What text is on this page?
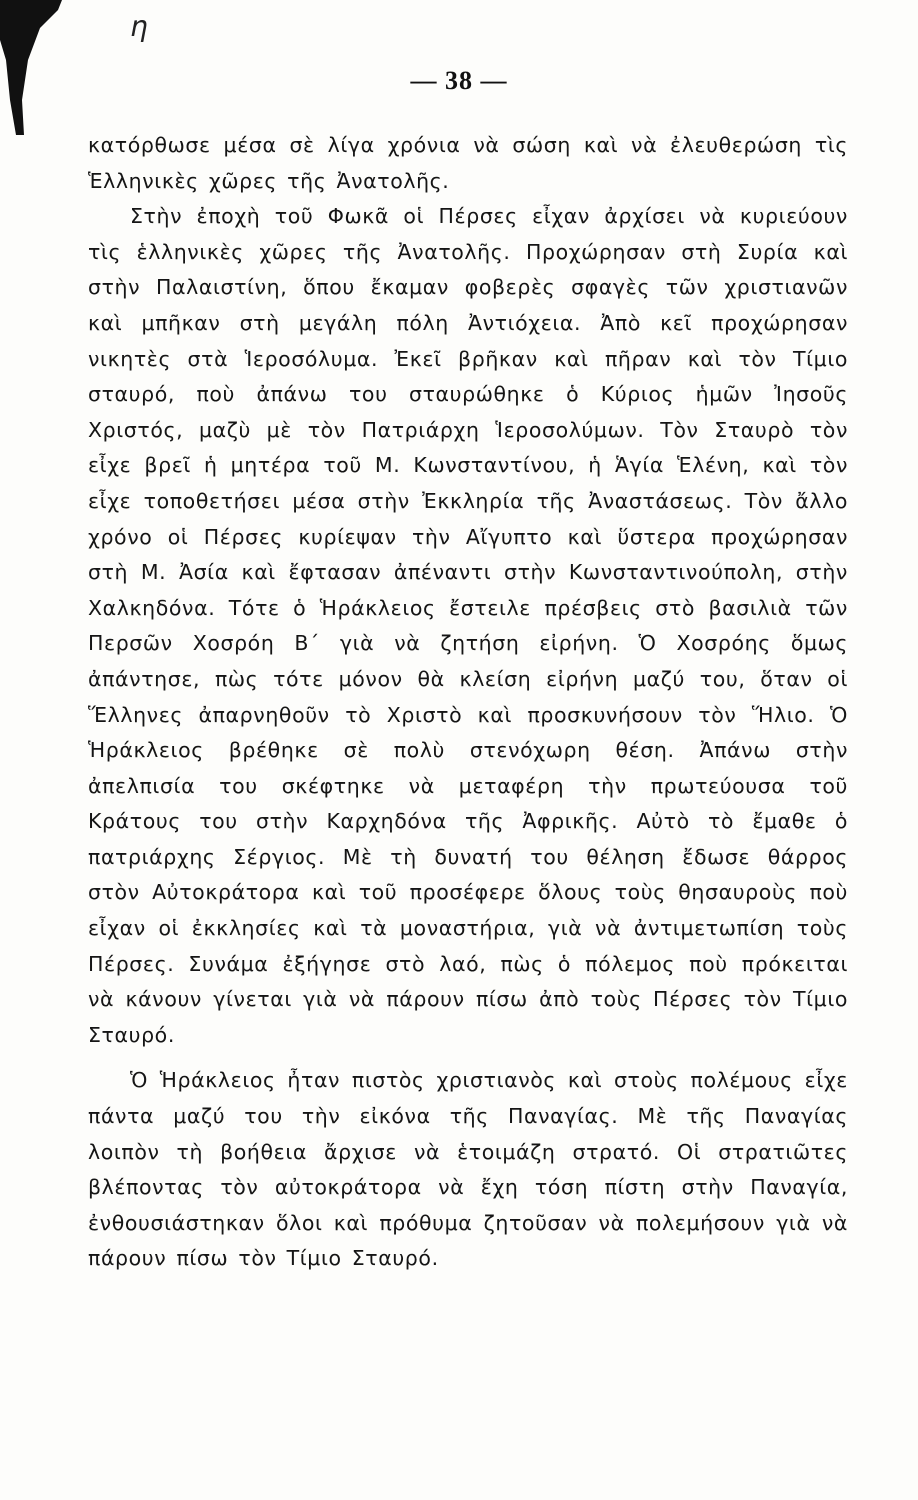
η
— 38 —

κατόρθωσε μέσα σὲ λίγα χρόνια νὰ σώση καὶ νὰ ἐλευθερώση τὶς Ἑλληνικὲς χῶρες τῆς Ἀνατολῆς.

Στὴν ἐποχὴ τοῦ Φωκᾶ οἱ Πέρσες εἶχαν ἀρχίσει νὰ κυριεύουν τὶς ἑλληνικὲς χῶρες τῆς Ἀνατολῆς. Προχώρησαν στὴ Συρία καὶ στὴν Παλαιστίνη, ὅπου ἔκαμαν φοβερὲς σφαγὲς τῶν χριστιανῶν καὶ μπῆκαν στὴ μεγάλη πόλη Ἀντιόχεια. Ἀπὸ κεῖ προχώρησαν νικητὲς στὰ Ἱεροσόλυμα. Ἐκεῖ βρῆκαν καὶ πῆραν καὶ τὸν Τίμιο σταυρό, ποὺ ἀπάνω του σταυρώθηκε ὁ Κύριος ἡμῶν Ἰησοῦς Χριστός, μαζὺ μὲ τὸν Πατριάρχη Ἱεροσολύμων. Τὸν Σταυρὸ τὸν εἶχε βρεῖ ἡ μητέρα τοῦ Μ. Κωνσταντίνου, ἡ Ἁγία Ἑλένη, καὶ τὸν εἶχε τοποθετήσει μέσα στὴν Ἐκκληρία τῆς Ἀναστάσεως. Τὸν ἄλλο χρόνο οἱ Πέρσες κυρίεψαν τὴν Αἴγυπτο καὶ ὕστερα προχώρησαν στὴ Μ. Ἀσία καὶ ἔφτασαν ἀπέναντι στὴν Κωνσταντινούπολη, στὴν Χαλκηδόνα. Τότε ὁ Ἡράκλειος ἔστειλε πρέσβεις στὸ βασιλιὰ τῶν Περσῶν Χοσρόη Β΄ γιὰ νὰ ζητήση εἰρήνη. Ὁ Χοσρόης ὅμως ἀπάντησε, πὼς τότε μόνον θὰ κλείση εἰρήνη μαζύ του, ὅταν οἱ Ἕλληνες ἀπαρνηθοῦν τὸ Χριστὸ καὶ προσκυνήσουν τὸν Ἥλιο. Ὁ Ἡράκλειος βρέθηκε σὲ πολὺ στενόχωρη θέση. Ἀπάνω στὴν ἀπελπισία του σκέφτηκε νὰ μεταφέρη τὴν πρωτεύουσα τοῦ Κράτους του στὴν Καρχηδόνα τῆς Ἀφρικῆς. Αὐτὸ τὸ ἔμαθε ὁ πατριάρχης Σέργιος. Μὲ τὴ δυνατή του θέληση ἔδωσε θάρρος στὸν Αὐτοκράτορα καὶ τοῦ προσέφερε ὅλους τοὺς θησαυροὺς ποὺ εἶχαν οἱ ἐκκλησίες καὶ τὰ μοναστήρια, γιὰ νὰ ἀντιμετωπίση τοὺς Πέρσες. Συνάμα ἐξήγησε στὸ λαό, πὼς ὁ πόλεμος ποὺ πρόκειται νὰ κάνουν γίνεται γιὰ νὰ πάρουν πίσω ἀπὸ τοὺς Πέρσες τὸν Τίμιο Σταυρό.

Ὁ Ἡράκλειος ἦταν πιστὸς χριστιανὸς καὶ στοὺς πολέμους εἶχε πάντα μαζύ του τὴν εἰκόνα τῆς Παναγίας. Μὲ τῆς Παναγίας λοιπὸν τὴ βοήθεια ἄρχισε νὰ ἑτοιμάζη στρατό. Οἱ στρατιῶτες βλέποντας τὸν αὐτοκράτορα νὰ ἔχη τόση πίστη στὴν Παναγία, ἐνθουσιάστηκαν ὅλοι καὶ πρόθυμα ζητοῦσαν νὰ πολεμήσουν γιὰ νὰ πάρουν πίσω τὸν Τίμιο Σταυρό.
